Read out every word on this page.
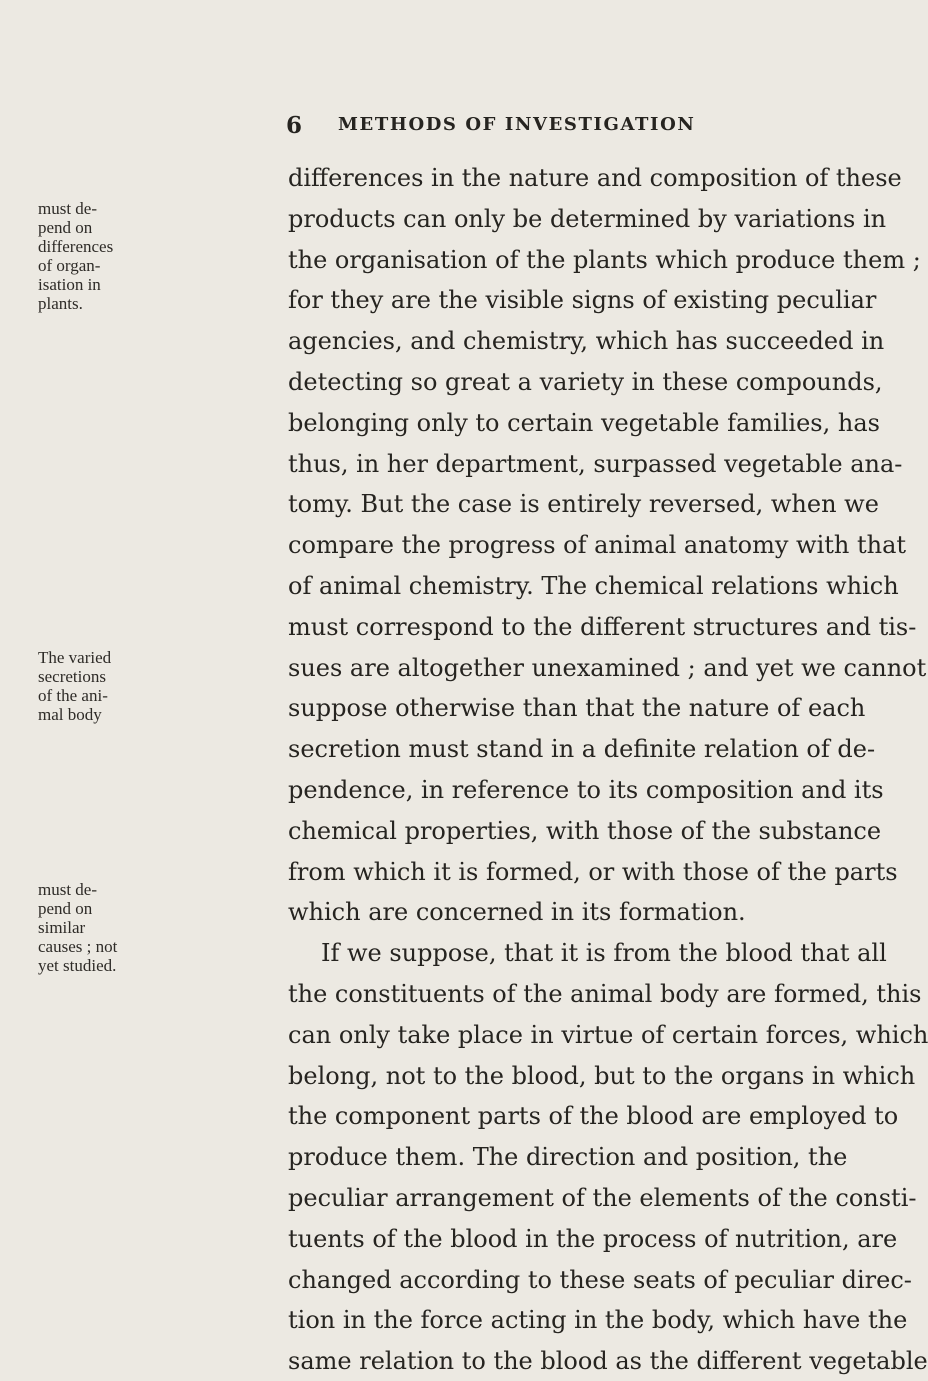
6 METHODS OF INVESTIGATION
must de-
pend on
differences
of organ-
isation in
plants.
The varied
secretions
of the ani-
mal body
must de-
pend on
similar
causes ; not
yet studied.
differences in the nature and composition of these
products can only be determined by variations in
the organisation of the plants which produce them ;
for they are the visible signs of existing peculiar
agencies, and chemistry, which has succeeded in
detecting so great a variety in these compounds,
belonging only to certain vegetable families, has
thus, in her department, surpassed vegetable ana-
tomy. But the case is entirely reversed, when we
compare the progress of animal anatomy with that
of animal chemistry. The chemical relations which
must correspond to the different structures and tis-
sues are altogether unexamined ; and yet we cannot
suppose otherwise than that the nature of each
secretion must stand in a definite relation of de-
pendence, in reference to its composition and its
chemical properties, with those of the substance
from which it is formed, or with those of the parts
which are concerned in its formation.
If we suppose, that it is from the blood that all
the constituents of the animal body are formed, this
can only take place in virtue of certain forces, which
belong, not to the blood, but to the organs in which
the component parts of the blood are employed to
produce them. The direction and position, the
peculiar arrangement of the elements of the consti-
tuents of the blood in the process of nutrition, are
changed according to these seats of peculiar direc-
tion in the force acting in the body, which have the
same relation to the blood as the different vegetable
